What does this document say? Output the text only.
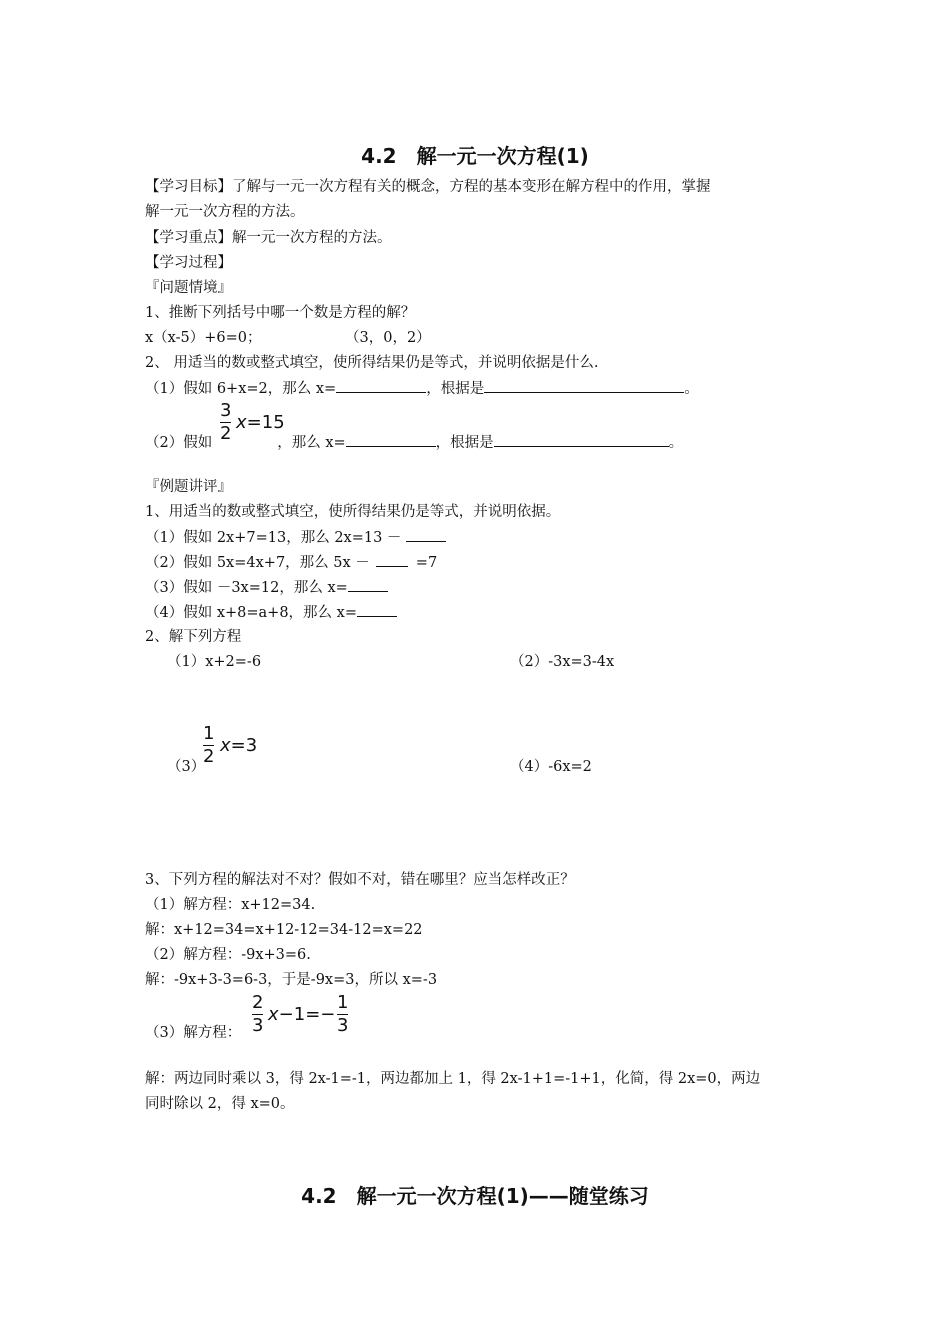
4.2　解一元一次方程(1)
【学习目标】了解与一元一次方程有关的概念，方程的基本变形在解方程中的作用，掌握
解一元一次方程的方法。
【学习重点】解一元一次方程的方法。
【学习过程】
『问题情境』
1、推断下列括号中哪一个数是方程的解？
x（x-5）+6=0；	（3，0，2）
2、 用适当的数或整式填空，使所得结果仍是等式，并说明依据是什么.
（1）假如 6+x=2，那么 x=	，根据是	。
3
2
x=15
（2）假如	，那么 x=	，根据是	。
『例题讲评』
1、用适当的数或整式填空，使所得结果仍是等式，并说明依据。
（1）假如 2x+7=13，那么 2x=13 －
（2）假如 5x=4x+7，那么 5x －	=7
（3）假如 －3x=12，那么 x=
（4）假如 x+8=a+8，那么 x=
2、解下列方程
（1）x+2=-6	（2）-3x=3-4x
（3）
1
2
x=3
（4）-6x=2
3、下列方程的解法对不对？假如不对，错在哪里？应当怎样改正？
（1）解方程：x+12=34.
解：x+12=34=x+12-12=34-12=x=22
（2）解方程：-9x+3=6.
解：-9x+3-3=6-3，于是-9x=3，所以 x=-3
（3）解方程：
2
3
x−1=−
1
3
解：两边同时乘以 3，得 2x-1=-1，两边都加上 1，得 2x-1+1=-1+1，化简，得 2x=0，两边
同时除以 2，得 x=0。
4.2　解一元一次方程(1)——随堂练习
